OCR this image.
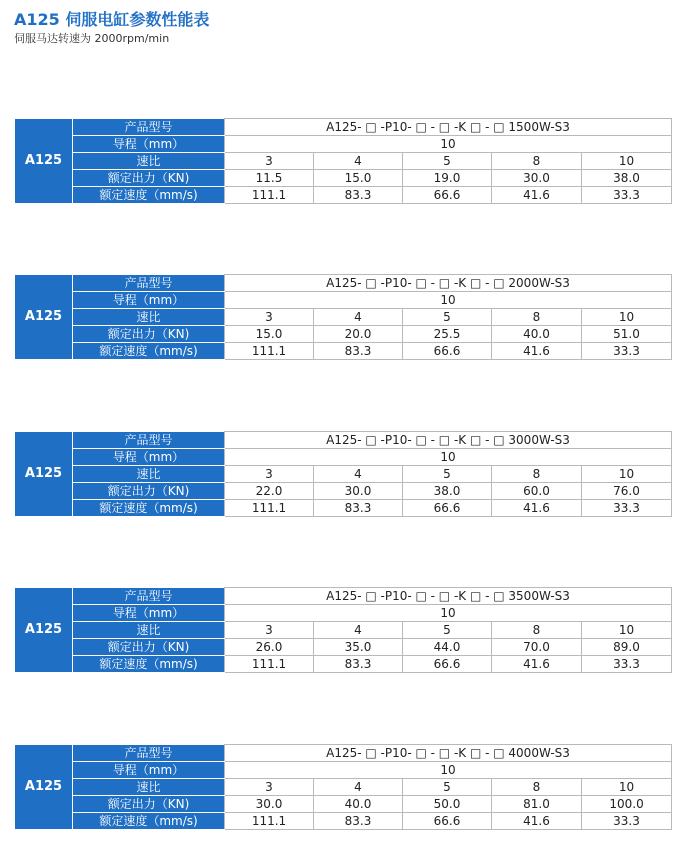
A125 伺服电缸参数性能表
伺服马达转速为 2000rpm/min
A125	产品型号	A125- □ -P10- □ - □ -K □ - □ 1500W-S3				
	导程（mm）	10				
	速比	3	4	5	8	10
	额定出力（KN)	11.5	15.0	19.0	30.0	38.0
	额定速度（mm/s)	111.1	83.3	66.6	41.6	33.3
A125	产品型号	A125- □ -P10- □ - □ -K □ - □ 2000W-S3				
	导程（mm）	10				
	速比	3	4	5	8	10
	额定出力（KN)	15.0	20.0	25.5	40.0	51.0
	额定速度（mm/s)	111.1	83.3	66.6	41.6	33.3
A125	产品型号	A125- □ -P10- □ - □ -K □ - □ 3000W-S3				
	导程（mm）	10				
	速比	3	4	5	8	10
	额定出力（KN)	22.0	30.0	38.0	60.0	76.0
	额定速度（mm/s)	111.1	83.3	66.6	41.6	33.3
A125	产品型号	A125- □ -P10- □ - □ -K □ - □ 3500W-S3				
	导程（mm）	10				
	速比	3	4	5	8	10
	额定出力（KN)	26.0	35.0	44.0	70.0	89.0
	额定速度（mm/s)	111.1	83.3	66.6	41.6	33.3
A125	产品型号	A125- □ -P10- □ - □ -K □ - □ 4000W-S3				
	导程（mm）	10				
	速比	3	4	5	8	10
	额定出力（KN)	30.0	40.0	50.0	81.0	100.0
	额定速度（mm/s)	111.1	83.3	66.6	41.6	33.3
